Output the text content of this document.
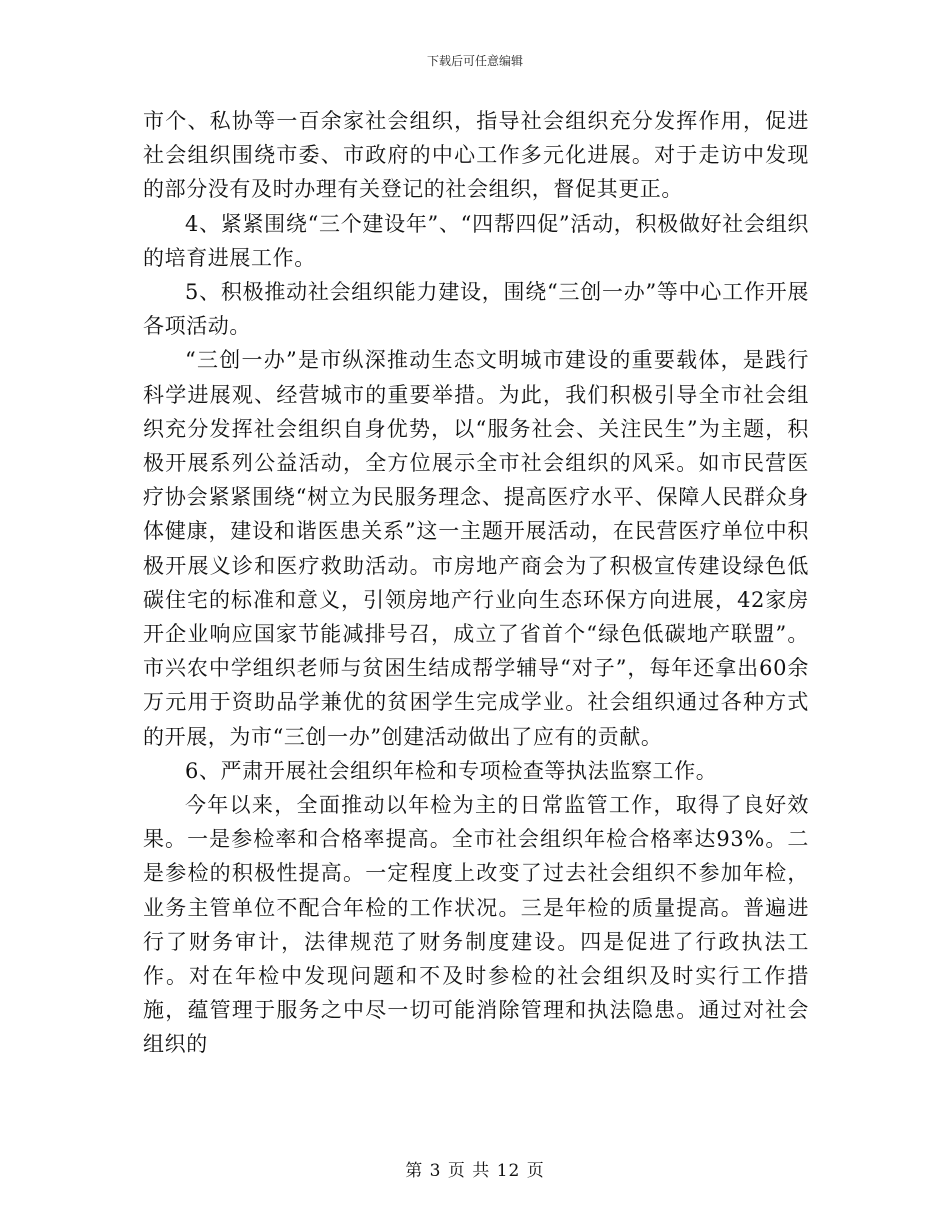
下载后可任意编辑

市个、私协等一百余家社会组织，指导社会组织充分发挥作用，促进社会组织围绕市委、市政府的中心工作多元化进展。对于走访中发现的部分没有及时办理有关登记的社会组织，督促其更正。

4、紧紧围绕“三个建设年”、“四帮四促”活动，积极做好社会组织的培育进展工作。

5、积极推动社会组织能力建设，围绕“三创一办”等中心工作开展各项活动。

“三创一办”是市纵深推动生态文明城市建设的重要载体，是践行科学进展观、经营城市的重要举措。为此，我们积极引导全市社会组织充分发挥社会组织自身优势，以“服务社会、关注民生”为主题，积极开展系列公益活动，全方位展示全市社会组织的风采。如市民营医疗协会紧紧围绕“树立为民服务理念、提高医疗水平、保障人民群众身体健康，建设和谐医患关系”这一主题开展活动，在民营医疗单位中积极开展义诊和医疗救助活动。市房地产商会为了积极宣传建设绿色低碳住宅的标准和意义，引领房地产行业向生态环保方向进展，42家房开企业响应国家节能减排号召，成立了省首个“绿色低碳地产联盟”。市兴农中学组织老师与贫困生结成帮学辅导“对子”，每年还拿出60余万元用于资助品学兼优的贫困学生完成学业。社会组织通过各种方式的开展，为市“三创一办”创建活动做出了应有的贡献。

6、严肃开展社会组织年检和专项检查等执法监察工作。

今年以来，全面推动以年检为主的日常监管工作，取得了良好效果。一是参检率和合格率提高。全市社会组织年检合格率达93%。二是参检的积极性提高。一定程度上改变了过去社会组织不参加年检，业务主管单位不配合年检的工作状况。三是年检的质量提高。普遍进行了财务审计，法律规范了财务制度建设。四是促进了行政执法工作。对在年检中发现问题和不及时参检的社会组织及时实行工作措施，蕴管理于服务之中尽一切可能消除管理和执法隐患。通过对社会组织的

第 3 页 共 12 页
